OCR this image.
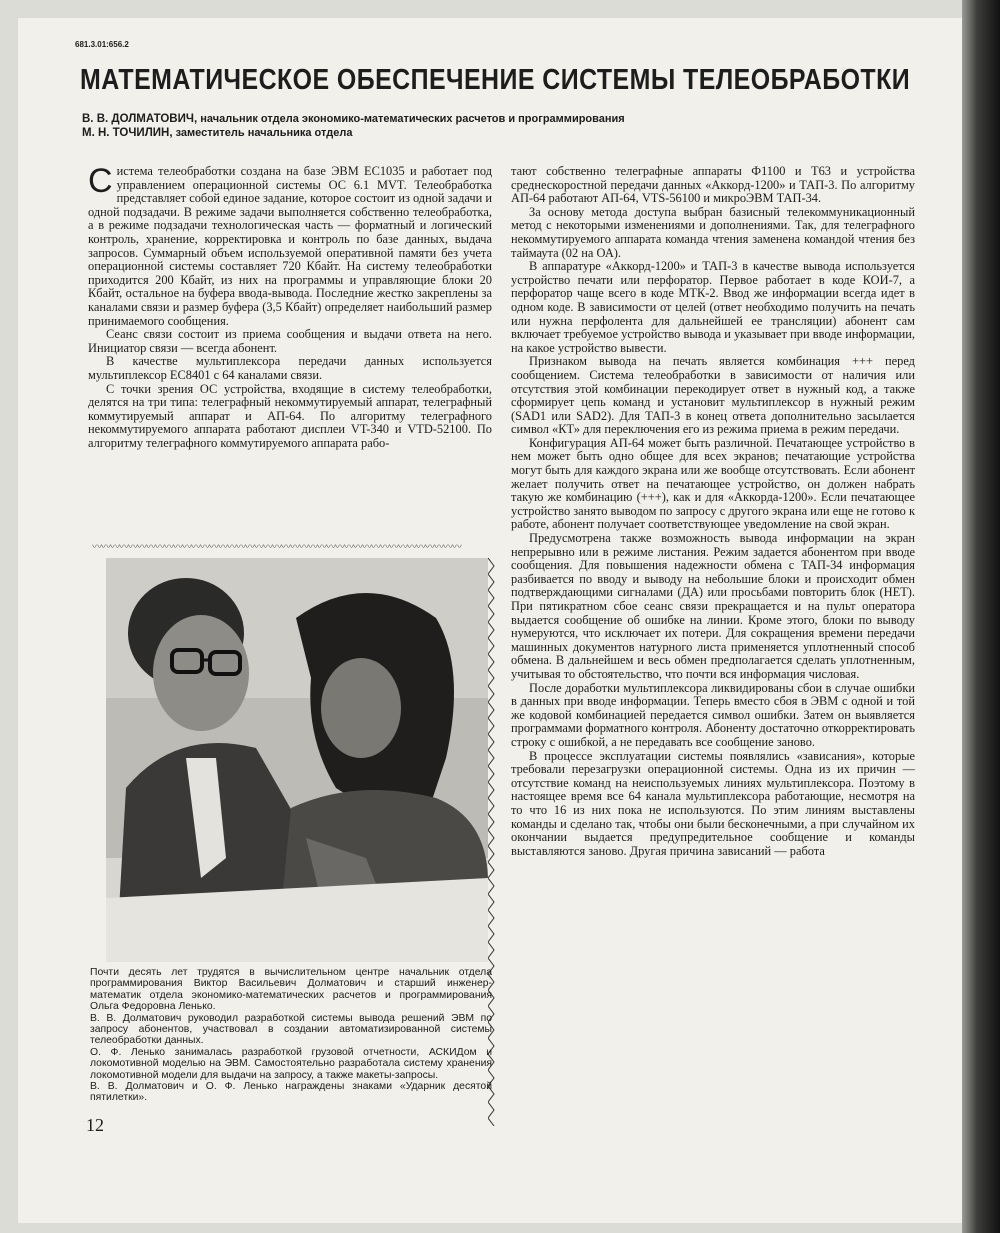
681.3.01:656.2
МАТЕМАТИЧЕСКОЕ ОБЕСПЕЧЕНИЕ СИСТЕМЫ ТЕЛЕОБРАБОТКИ
В. В. ДОЛМАТОВИЧ, начальник отдела экономико-математических расчетов и программирования
М. Н. ТОЧИЛИН, заместитель начальника отдела

Система телеобработки создана на базе ЭВМ ЕС1035 и работает под управлением операционной системы ОС 6.1 MVT. Телеобработка представляет собой единое задание, которое состоит из одной задачи и одной подзадачи. В режиме задачи выполняется собственно телеобработка, а в режиме подзадачи технологическая часть — форматный и логический контроль, хранение, корректировка и контроль по базе данных, выдача запросов. Суммарный объем используемой оперативной памяти без учета операционной системы составляет 720 Кбайт. На систему телеобработки приходится 200 Кбайт, из них на программы и управляющие блоки 20 Кбайт, остальное на буфера ввода-вывода. Последние жестко закреплены за каналами связи и размер буфера (3,5 Кбайт) определяет наибольший размер принимаемого сообщения.

Сеанс связи состоит из приема сообщения и выдачи ответа на него. Инициатор связи — всегда абонент.

В качестве мультиплексора передачи данных используется мультиплексор ЕС8401 с 64 каналами связи.

С точки зрения ОС устройства, входящие в систему телеобработки, делятся на три типа: телеграфный некоммутируемый аппарат, телеграфный коммутируемый аппарат и АП-64. По алгоритму телеграфного некоммутируемого аппарата работают дисплеи VT-340 и VTD-52100. По алгоритму телеграфного коммутируемого аппарата рабо-

тают собственно телеграфные аппараты Ф1100 и Т63 и устройства среднескоростной передачи данных «Аккорд-1200» и ТАП-3. По алгоритму АП-64 работают АП-64, VTS-56100 и микроЭВМ ТАП-34.

За основу метода доступа выбран базисный телекоммуникационный метод с некоторыми изменениями и дополнениями. Так, для телеграфного некоммутируемого аппарата команда чтения заменена командой чтения без таймаута (02 на ОА).

В аппаратуре «Аккорд-1200» и ТАП-3 в качестве вывода используется устройство печати или перфоратор. Первое работает в коде КОИ-7, а перфоратор чаще всего в коде МТК-2. Ввод же информации всегда идет в одном коде. В зависимости от целей (ответ необходимо получить на печать или нужна перфолента для дальнейшей ее трансляции) абонент сам включает требуемое устройство вывода и указывает при вводе информации, на какое устройство вывести.

Признаком вывода на печать является комбинация +++ перед сообщением. Система телеобработки в зависимости от наличия или отсутствия этой комбинации перекодирует ответ в нужный код, а также сформирует цепь команд и установит мультиплексор в нужный режим (SAD1 или SAD2). Для ТАП-3 в конец ответа дополнительно засылается символ «КТ» для переключения его из режима приема в режим передачи.

Конфигурация АП-64 может быть различной. Печатающее устройство в нем может быть одно общее для всех экранов; печатающие устройства могут быть для каждого экрана или же вообще отсутствовать. Если абонент желает получить ответ на печатающее устройство, он должен набрать такую же комбинацию (+++), как и для «Аккорда-1200». Если печатающее устройство занято выводом по запросу с другого экрана или еще не готово к работе, абонент получает соответствующее уведомление на свой экран.

Предусмотрена также возможность вывода информации на экран непрерывно или в режиме листания. Режим задается абонентом при вводе сообщения. Для повышения надежности обмена с ТАП-34 информация разбивается по вводу и выводу на небольшие блоки и происходит обмен подтверждающими сигналами (ДА) или просьбами повторить блок (НЕТ). При пятикратном сбое сеанс связи прекращается и на пульт оператора выдается сообщение об ошибке на линии. Кроме этого, блоки по выводу нумеруются, что исключает их потери. Для сокращения времени передачи машинных документов натурного листа применяется уплотненный способ обмена. В дальнейшем и весь обмен предполагается сделать уплотненным, учитывая то обстоятельство, что почти вся информация числовая.

После доработки мультиплексора ликвидированы сбои в случае ошибки в данных при вводе информации. Теперь вместо сбоя в ЭВМ с одной и той же кодовой комбинацией передается символ ошибки. Затем он выявляется программами форматного контроля. Абоненту достаточно откорректировать строку с ошибкой, а не передавать все сообщение заново.

В процессе эксплуатации системы появлялись «зависания», которые требовали перезагрузки операционной системы. Одна из их причин — отсутствие команд на неиспользуемых линиях мультиплексора. Поэтому в настоящее время все 64 канала мультиплексора работающие, несмотря на то что 16 из них пока не используются. По этим линиям выставлены команды и сделано так, чтобы они были бесконечными, а при случайном их окончании выдается предупредительное сообщение и команды выставляются заново. Другая причина зависаний — работа

〰〰〰〰〰〰〰〰〰〰〰〰〰〰〰〰〰〰〰〰〰〰〰〰〰〰〰〰〰〰〰〰〰〰〰〰〰〰〰〰〰

Почти десять лет трудятся в вычислительном центре начальник отдела программирования Виктор Васильевич Долматович и старший инженер-математик отдела экономико-математических расчетов и программирования Ольга Федоровна Ленько.

В. В. Долматович руководил разработкой системы вывода решений ЭВМ по запросу абонентов, участвовал в создании автоматизированной системы телеобработки данных.

О. Ф. Ленько занималась разработкой грузовой отчетности, АСКИДом и локомотивной моделью на ЭВМ. Самостоятельно разработала систему хранения локомотивной модели для выдачи на запросу, а также макеты-запросы.

В. В. Долматович и О. Ф. Ленько награждены знаками «Ударник десятой пятилетки».

12
